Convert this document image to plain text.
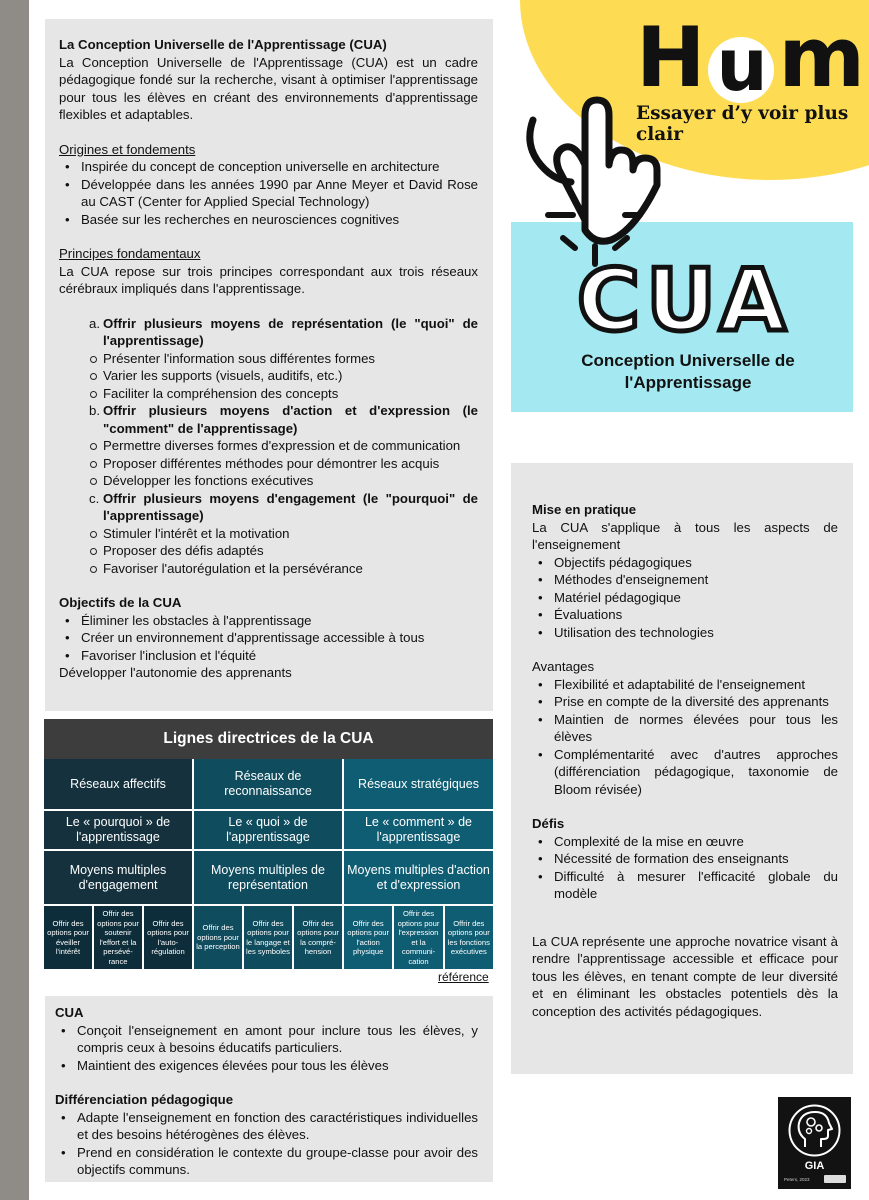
La Conception Universelle de l'Apprentissage (CUA)
La Conception Universelle de l'Apprentissage (CUA) est un cadre pédagogique fondé sur la recherche, visant à optimiser l'apprentissage pour tous les élèves en créant des environnements d'apprentissage flexibles et adaptables.
Origines et fondements
• Inspirée du concept de conception universelle en architecture
• Développée dans les années 1990 par Anne Meyer et David Rose au CAST (Center for Applied Special Technology)
• Basée sur les recherches en neurosciences cognitives
Principes fondamentaux
La CUA repose sur trois principes correspondant aux trois réseaux cérébraux impliqués dans l'apprentissage.
a. Offrir plusieurs moyens de représentation (le "quoi" de l'apprentissage)
Présenter l'information sous différentes formes
Varier les supports (visuels, auditifs, etc.)
Faciliter la compréhension des concepts
b. Offrir plusieurs moyens d'action et d'expression (le "comment" de l'apprentissage)
Permettre diverses formes d'expression et de communication
Proposer différentes méthodes pour démontrer les acquis
Développer les fonctions exécutives
c. Offrir plusieurs moyens d'engagement (le "pourquoi" de l'apprentissage)
Stimuler l'intérêt et la motivation
Proposer des défis adaptés
Favoriser l'autorégulation et la persévérance
Objectifs de la CUA
• Éliminer les obstacles à l'apprentissage
• Créer un environnement d'apprentissage accessible à tous
• Favoriser l'inclusion et l'équité
Développer l'autonomie des apprenants
Lignes directrices de la CUA
Réseaux affectifs
Réseaux de reconnaissance
Réseaux stratégiques
Le « pourquoi » de l'apprentissage
Le « quoi » de l'apprentissage
Le « comment » de l'apprentissage
Moyens multiples d'engagement
Moyens multiples de représentation
Moyens multiples d'action et d'expression
Offrir des options pour éveiller l'intérêt
Offrir des options pour soutenir l'effort et la persévé-rance
Offrir des options pour l'auto-régulation
Offrir des options pour la perception
Offrir des options pour le langage et les symboles
Offrir des options pour la compré-hension
Offrir des options pour l'action physique
Offrir des options pour l'expression et la communi-cation
Offrir des options pour les fonctions exécutives
référence
CUA
• Conçoit l'enseignement en amont pour inclure tous les élèves, y compris ceux à besoins éducatifs particuliers.
• Maintient des exigences élevées pour tous les élèves
Différenciation pédagogique
• Adapte l'enseignement en fonction des caractéristiques individuelles et des besoins hétérogènes des élèves.
• Prend en considération le contexte du groupe-classe pour avoir des objectifs communs.
H u m
Essayer d’y voir plus clair
CUA
Conception Universelle de l'Apprentissage
Mise en pratique
La CUA s'applique à tous les aspects de l'enseignement
• Objectifs pédagogiques
• Méthodes d'enseignement
• Matériel pédagogique
• Évaluations
• Utilisation des technologies
Avantages
• Flexibilité et adaptabilité de l'enseignement
• Prise en compte de la diversité des apprenants
• Maintien de normes élevées pour tous les élèves
• Complémentarité avec d'autres approches (différenciation pédagogique, taxonomie de Bloom révisée)
Défis
• Complexité de la mise en œuvre
• Nécessité de formation des enseignants
• Difficulté à mesurer l'efficacité globale du modèle
La CUA représente une approche novatrice visant à rendre l'apprentissage accessible et efficace pour tous les élèves, en tenant compte de leur diversité et en éliminant les obstacles potentiels dès la conception des activités pédagogiques.
GIA
Peters, 2023
